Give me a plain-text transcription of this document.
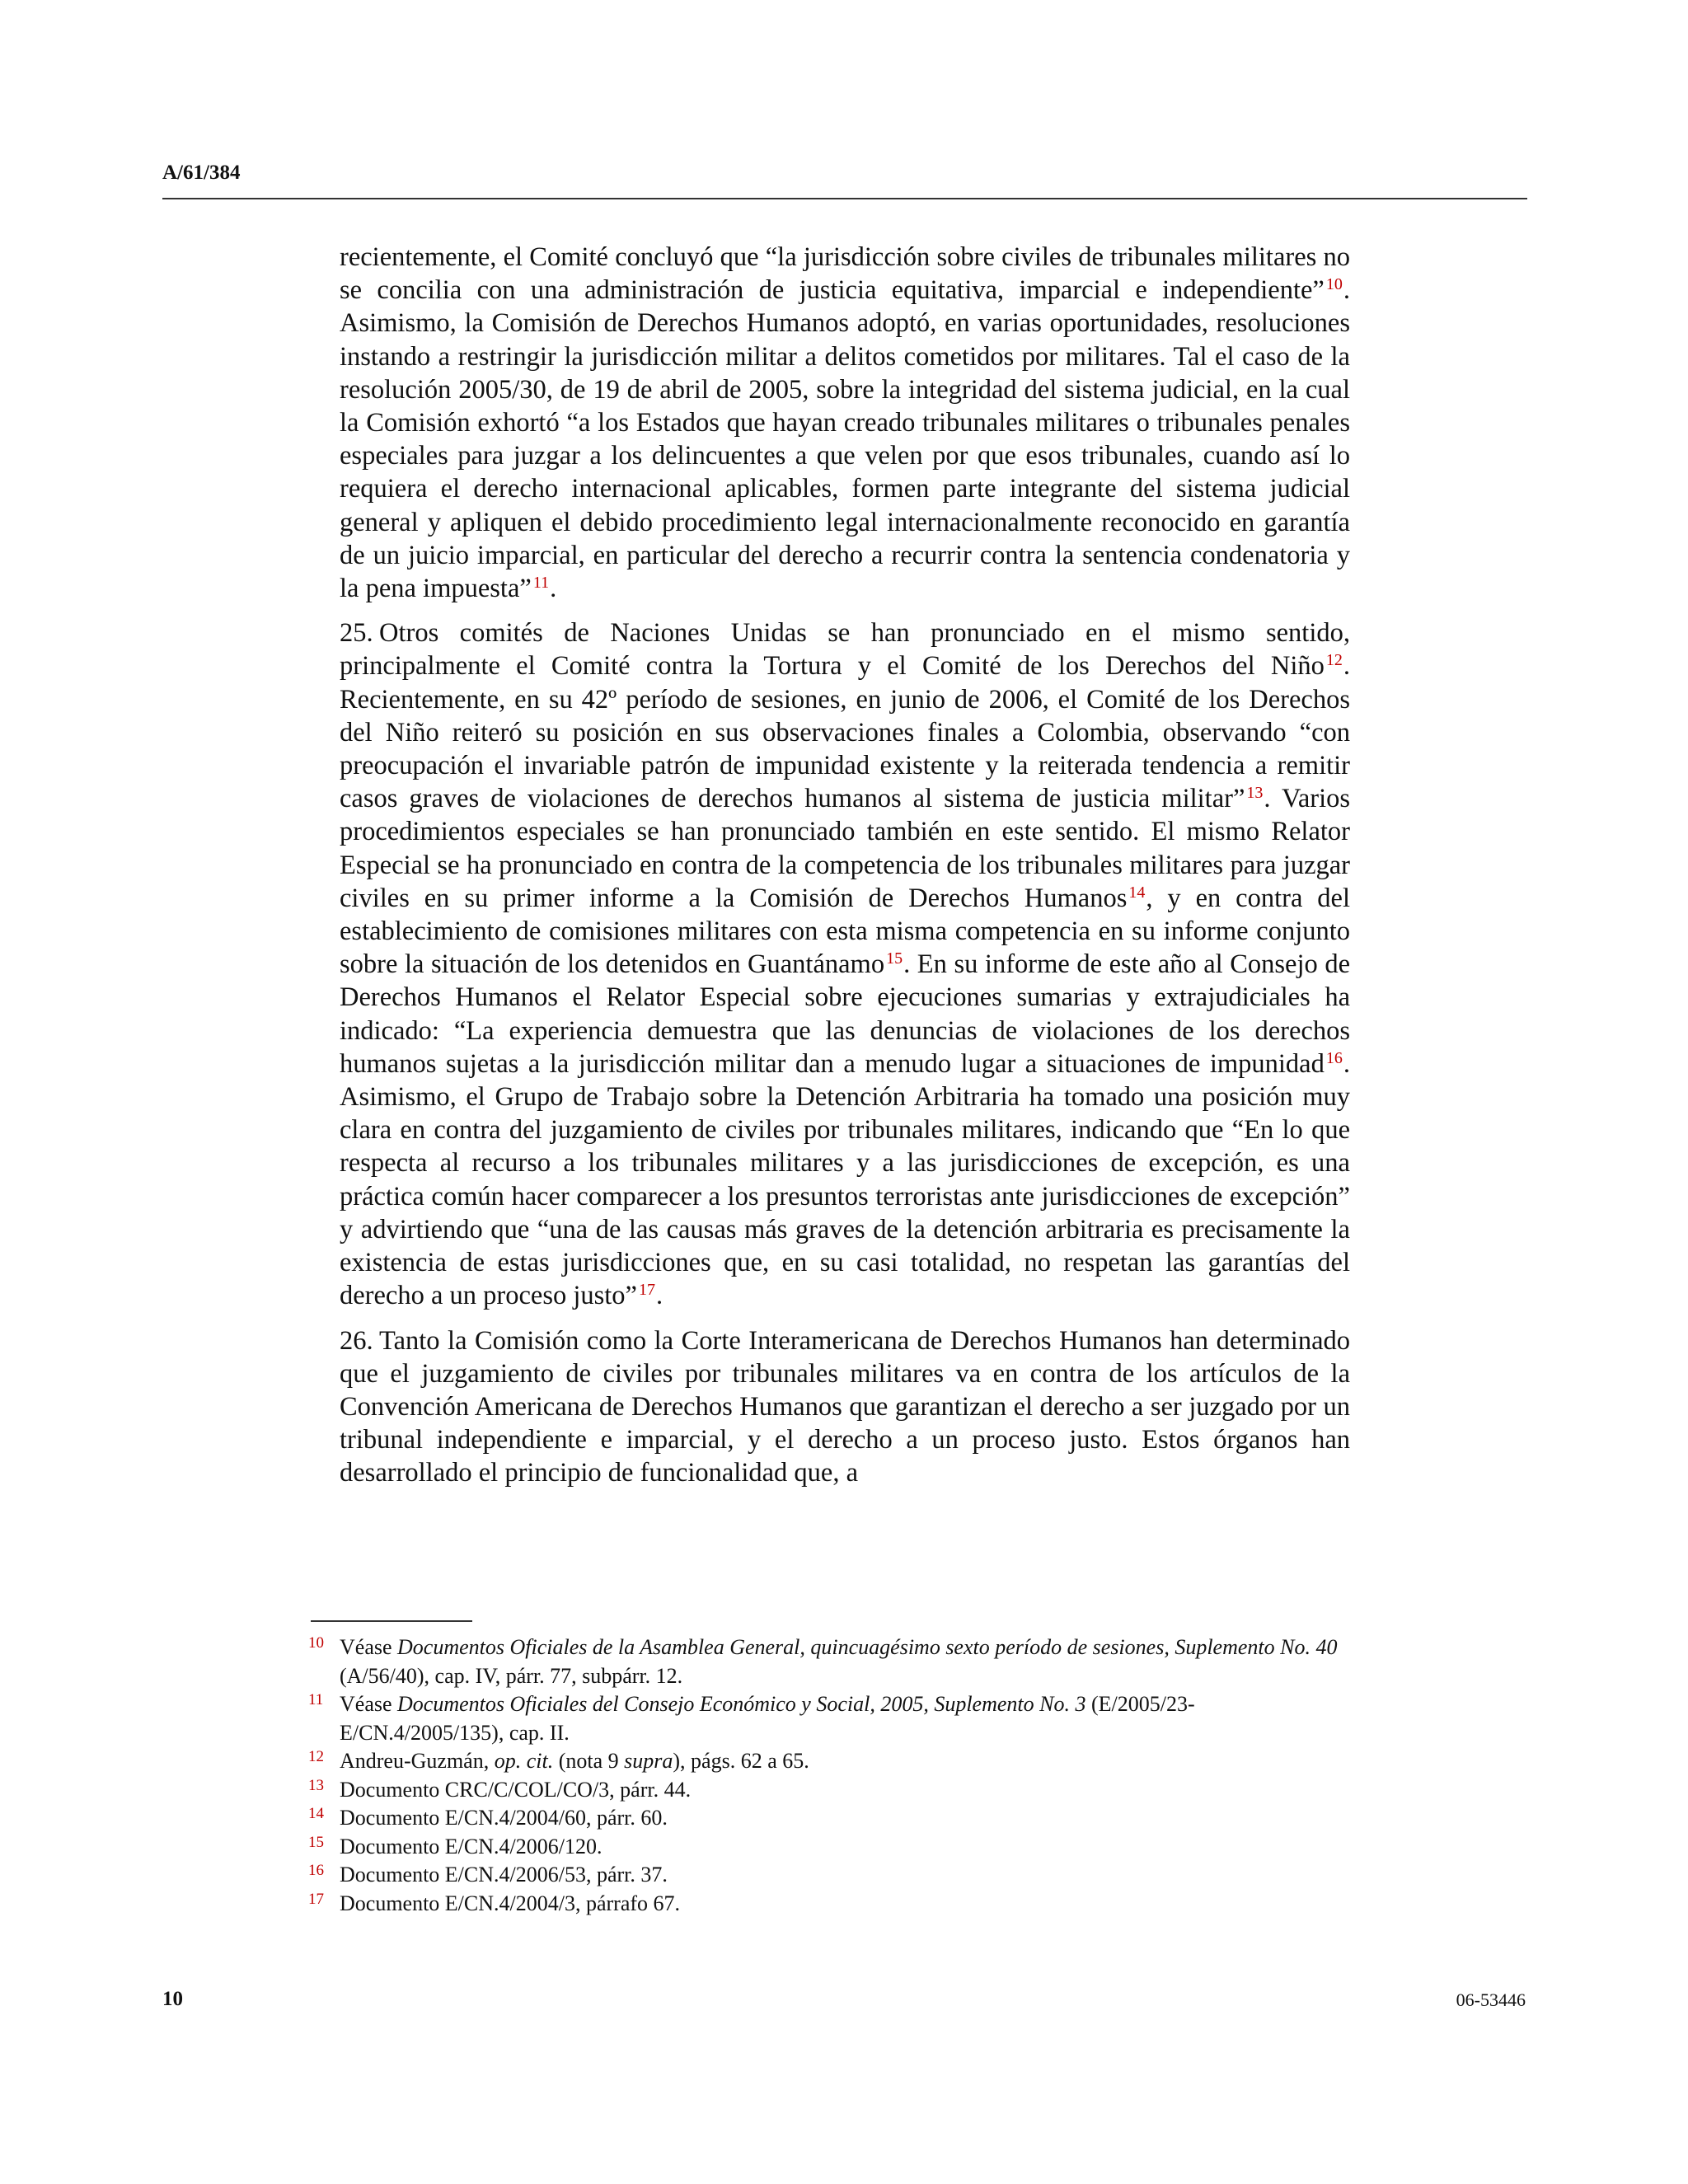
A/61/384

recientemente, el Comité concluyó que “la jurisdicción sobre civiles de tribunales militares no se concilia con una administración de justicia equitativa, imparcial e independiente” $^{10}$. Asimismo, la Comisión de Derechos Humanos adoptó, en varias oportunidades, resoluciones instando a restringir la jurisdicción militar a delitos cometidos por militares. Tal el caso de la resolución 2005/30, de 19 de abril de 2005, sobre la integridad del sistema judicial, en la cual la Comisión exhortó “a los Estados que hayan creado tribunales militares o tribunales penales especiales para juzgar a los delincuentes a que velen por que esos tribunales, cuando así lo requiera el derecho internacional aplicables, formen parte integrante del sistema judicial general y apliquen el debido procedimiento legal internacionalmente reconocido en garantía de un juicio imparcial, en particular del derecho a recurrir contra la sentencia condenatoria y la pena impuesta” $^{11}$.

25. Otros comités de Naciones Unidas se han pronunciado en el mismo sentido, principalmente el Comité contra la Tortura y el Comité de los Derechos del Niño $^{12}$. Recientemente, en su 42º período de sesiones, en junio de 2006, el Comité de los Derechos del Niño reiteró su posición en sus observaciones finales a Colombia, observando “con preocupación el invariable patrón de impunidad existente y la reiterada tendencia a remitir casos graves de violaciones de derechos humanos al sistema de justicia militar” $^{13}$. Varios procedimientos especiales se han pronunciado también en este sentido. El mismo Relator Especial se ha pronunciado en contra de la competencia de los tribunales militares para juzgar civiles en su primer informe a la Comisión de Derechos Humanos $^{14}$, y en contra del establecimiento de comisiones militares con esta misma competencia en su informe conjunto sobre la situación de los detenidos en Guantánamo $^{15}$. En su informe de este año al Consejo de Derechos Humanos el Relator Especial sobre ejecuciones sumarias y extrajudiciales ha indicado: “La experiencia demuestra que las denuncias de violaciones de los derechos humanos sujetas a la jurisdicción militar dan a menudo lugar a situaciones de impunidad $^{16}$. Asimismo, el Grupo de Trabajo sobre la Detención Arbitraria ha tomado una posición muy clara en contra del juzgamiento de civiles por tribunales militares, indicando que “En lo que respecta al recurso a los tribunales militares y a las jurisdicciones de excepción, es una práctica común hacer comparecer a los presuntos terroristas ante jurisdicciones de excepción” y advirtiendo que “una de las causas más graves de la detención arbitraria es precisamente la existencia de estas jurisdicciones que, en su casi totalidad, no respetan las garantías del derecho a un proceso justo” $^{17}$.

26. Tanto la Comisión como la Corte Interamericana de Derechos Humanos han determinado que el juzgamiento de civiles por tribunales militares va en contra de los artículos de la Convención Americana de Derechos Humanos que garantizan el derecho a ser juzgado por un tribunal independiente e imparcial, y el derecho a un proceso justo. Estos órganos han desarrollado el principio de funcionalidad que, a

10 Véase Documentos Oficiales de la Asamblea General, quincuagésimo sexto período de sesiones, Suplemento No. 40 (A/56/40), cap. IV, párr. 77, subpárr. 12.
11 Véase Documentos Oficiales del Consejo Económico y Social, 2005, Suplemento No. 3 (E/2005/23-E/CN.4/2005/135), cap. II.
12 Andreu-Guzmán, op. cit. (nota 9 supra), págs. 62 a 65.
13 Documento CRC/C/COL/CO/3, párr. 44.
14 Documento E/CN.4/2004/60, párr. 60.
15 Documento E/CN.4/2006/120.
16 Documento E/CN.4/2006/53, párr. 37.
17 Documento E/CN.4/2004/3, párrafo 67.
10	06-53446
